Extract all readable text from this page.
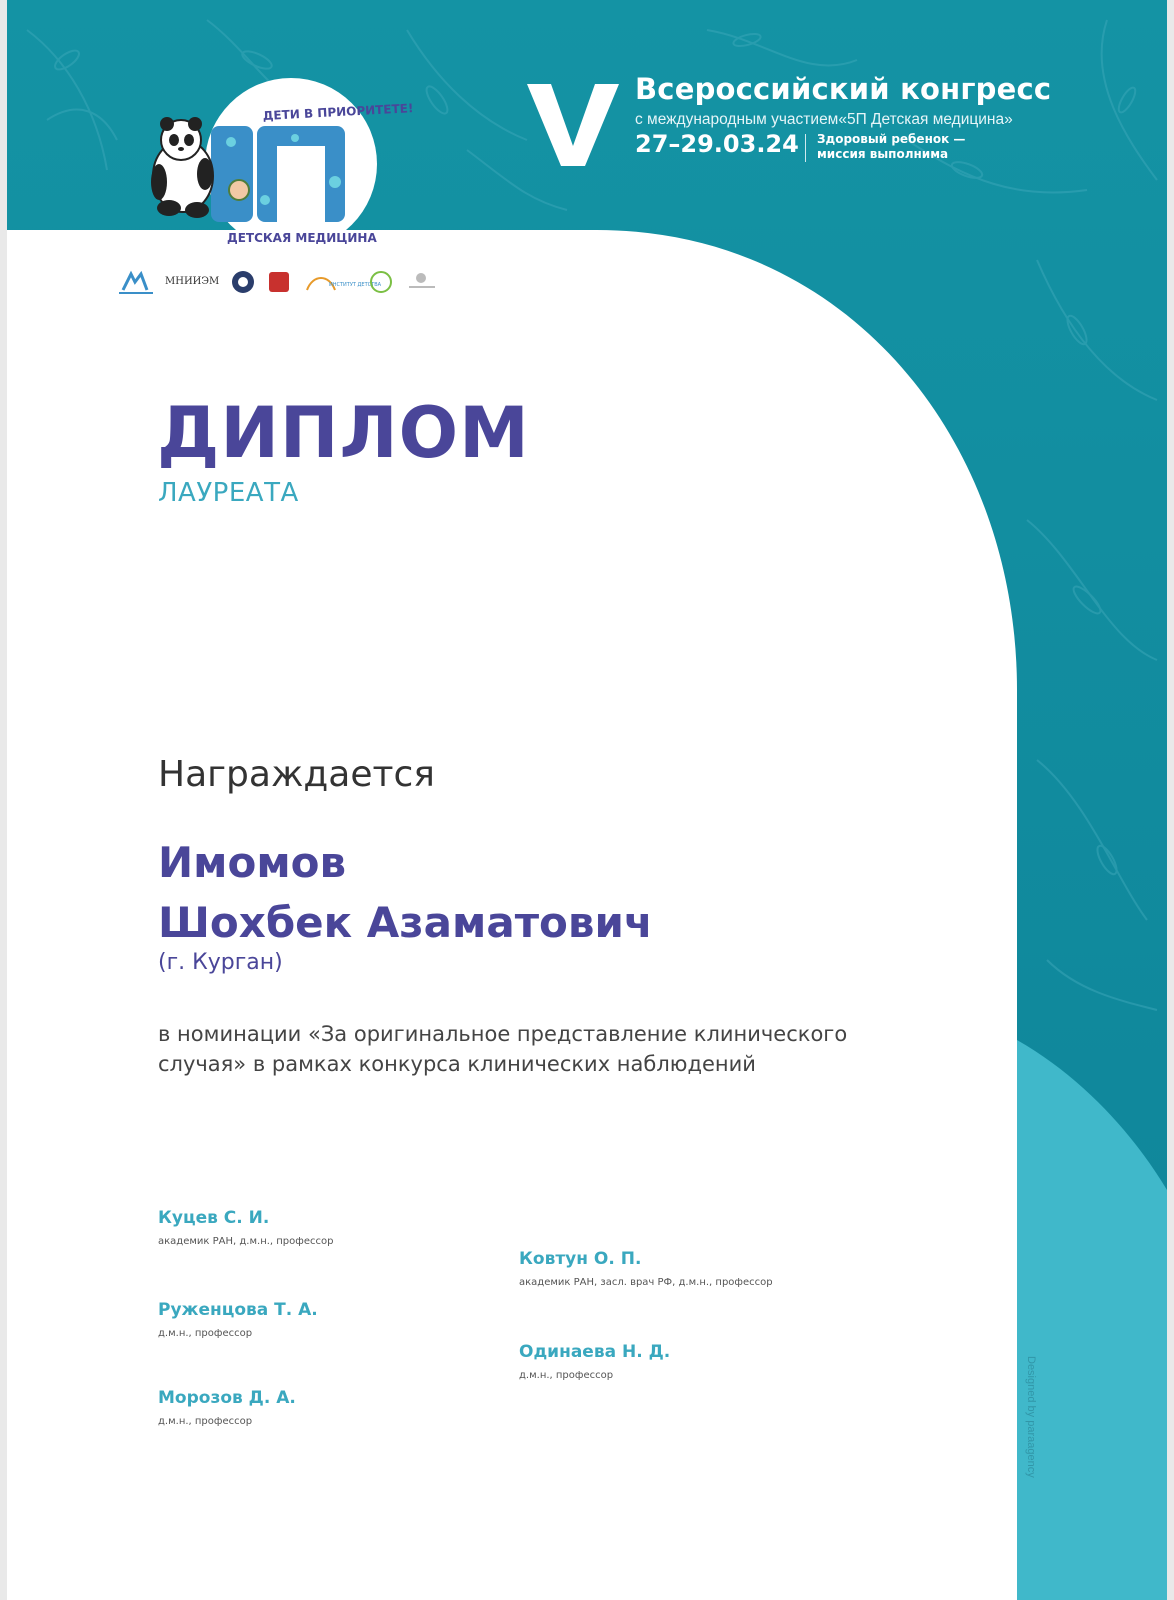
Всероссийский конгресс
с международным участием«5П Детская медицина»
27–29.03.24 Здоровый ребенок —
миссия выполнима
ДЕТИ В ПРИОРИТЕТЕ!
ДЕТСКАЯ МЕДИЦИНА
МНИИЭМ	ИНСТИТУТ ДЕТСТВА
ДИПЛОМ
ЛАУРЕАТА
Награждается
Имомов
Шохбек Азаматович
(г. Курган)
в номинации «За оригинальное представление клинического случая» в рамках конкурса клинических наблюдений
Куцев С. И.
академик РАН, д.м.н., профессор
Руженцова Т. А.
д.м.н., профессор
Морозов Д. А.
д.м.н., профессор
Ковтун О. П.
академик РАН, засл. врач РФ, д.м.н., профессор
Одинаева Н. Д.
д.м.н., профессор	Designed by paraagency
